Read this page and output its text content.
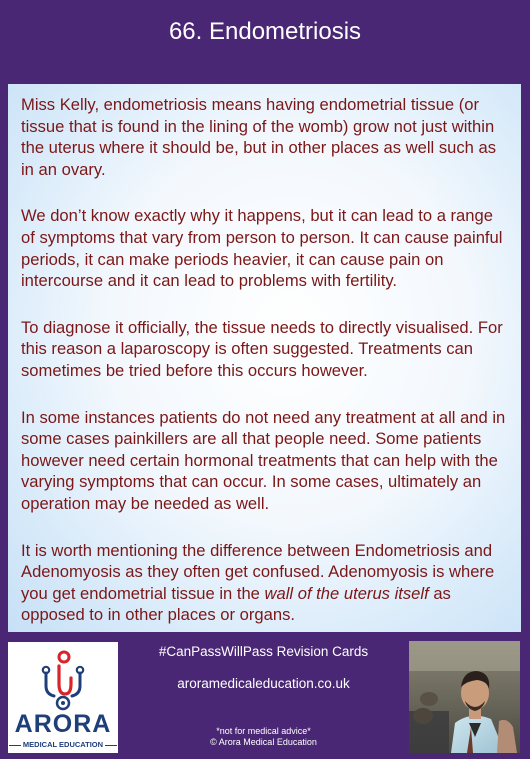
66. Endometriosis

Miss Kelly, endometriosis means having endometrial tissue (or tissue that is found in the lining of the womb) grow not just within the uterus where it should be, but in other places as well such as in an ovary.

We don’t know exactly why it happens, but it can lead to a range of symptoms that vary from person to person. It can cause painful periods, it can make periods heavier, it can cause pain on intercourse and it can lead to problems with fertility.

To diagnose it officially, the tissue needs to directly visualised. For this reason a laparoscopy is often suggested. Treatments can sometimes be tried before this occurs however.

In some instances patients do not need any treatment at all and in some cases painkillers are all that people need. Some patients however need certain hormonal treatments that can help with the varying symptoms that can occur. In some cases, ultimately an operation may be needed as well.

It is worth mentioning the difference between Endometriosis and Adenomyosis as they often get confused. Adenomyosis is where you get endometrial tissue in the wall of the uterus itself as opposed to in other places or organs.

ARORA
MEDICAL EDUCATION
#CanPassWillPass Revision Cards
aroramedicaleducation.co.uk
*not for medical advice*
© Arora Medical Education
